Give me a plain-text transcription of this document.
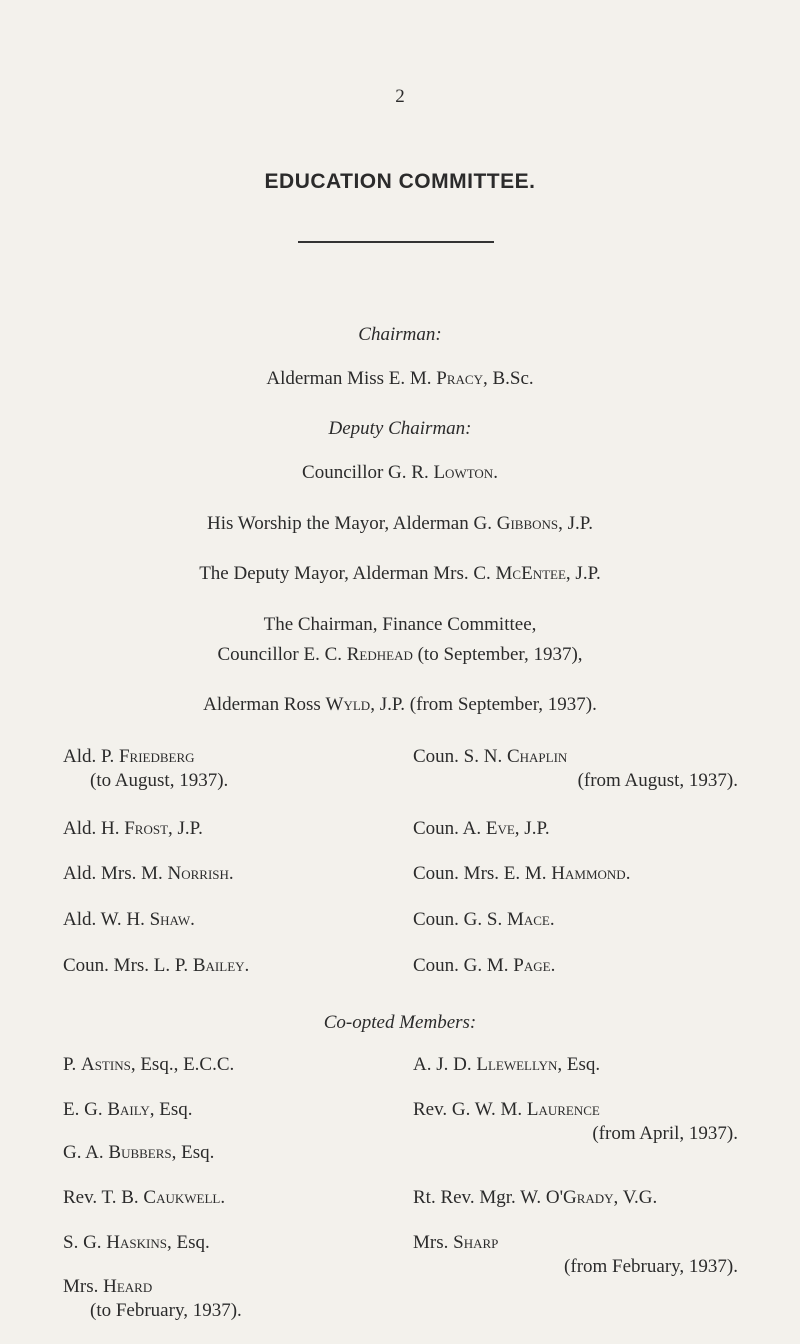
2
EDUCATION COMMITTEE.
Chairman:
Alderman Miss E. M. Pracy, B.Sc.
Deputy Chairman:
Councillor G. R. Lowton.
His Worship the Mayor, Alderman G. Gibbons, J.P.
The Deputy Mayor, Alderman Mrs. C. McEntee, J.P.
The Chairman, Finance Committee,
Councillor E. C. Redhead (to September, 1937),
Alderman Ross Wyld, J.P. (from September, 1937).
Ald. P. Friedberg
(to August, 1937).
Ald. H. Frost, J.P.
Ald. Mrs. M. Norrish.
Ald. W. H. Shaw.
Coun. Mrs. L. P. Bailey.
Coun. S. N. Chaplin
(from August, 1937).
Coun. A. Eve, J.P.
Coun. Mrs. E. M. Hammond.
Coun. G. S. Mace.
Coun. G. M. Page.
Co-opted Members:
P. Astins, Esq., E.C.C.
E. G. Baily, Esq.
G. A. Bubbers, Esq.
Rev. T. B. Caukwell.
S. G. Haskins, Esq.
Mrs. Heard
(to February, 1937).
A. J. D. Llewellyn, Esq.
Rev. G. W. M. Laurence
(from April, 1937).
Rt. Rev. Mgr. W. O'Grady, V.G.
Mrs. Sharp
(from February, 1937).
